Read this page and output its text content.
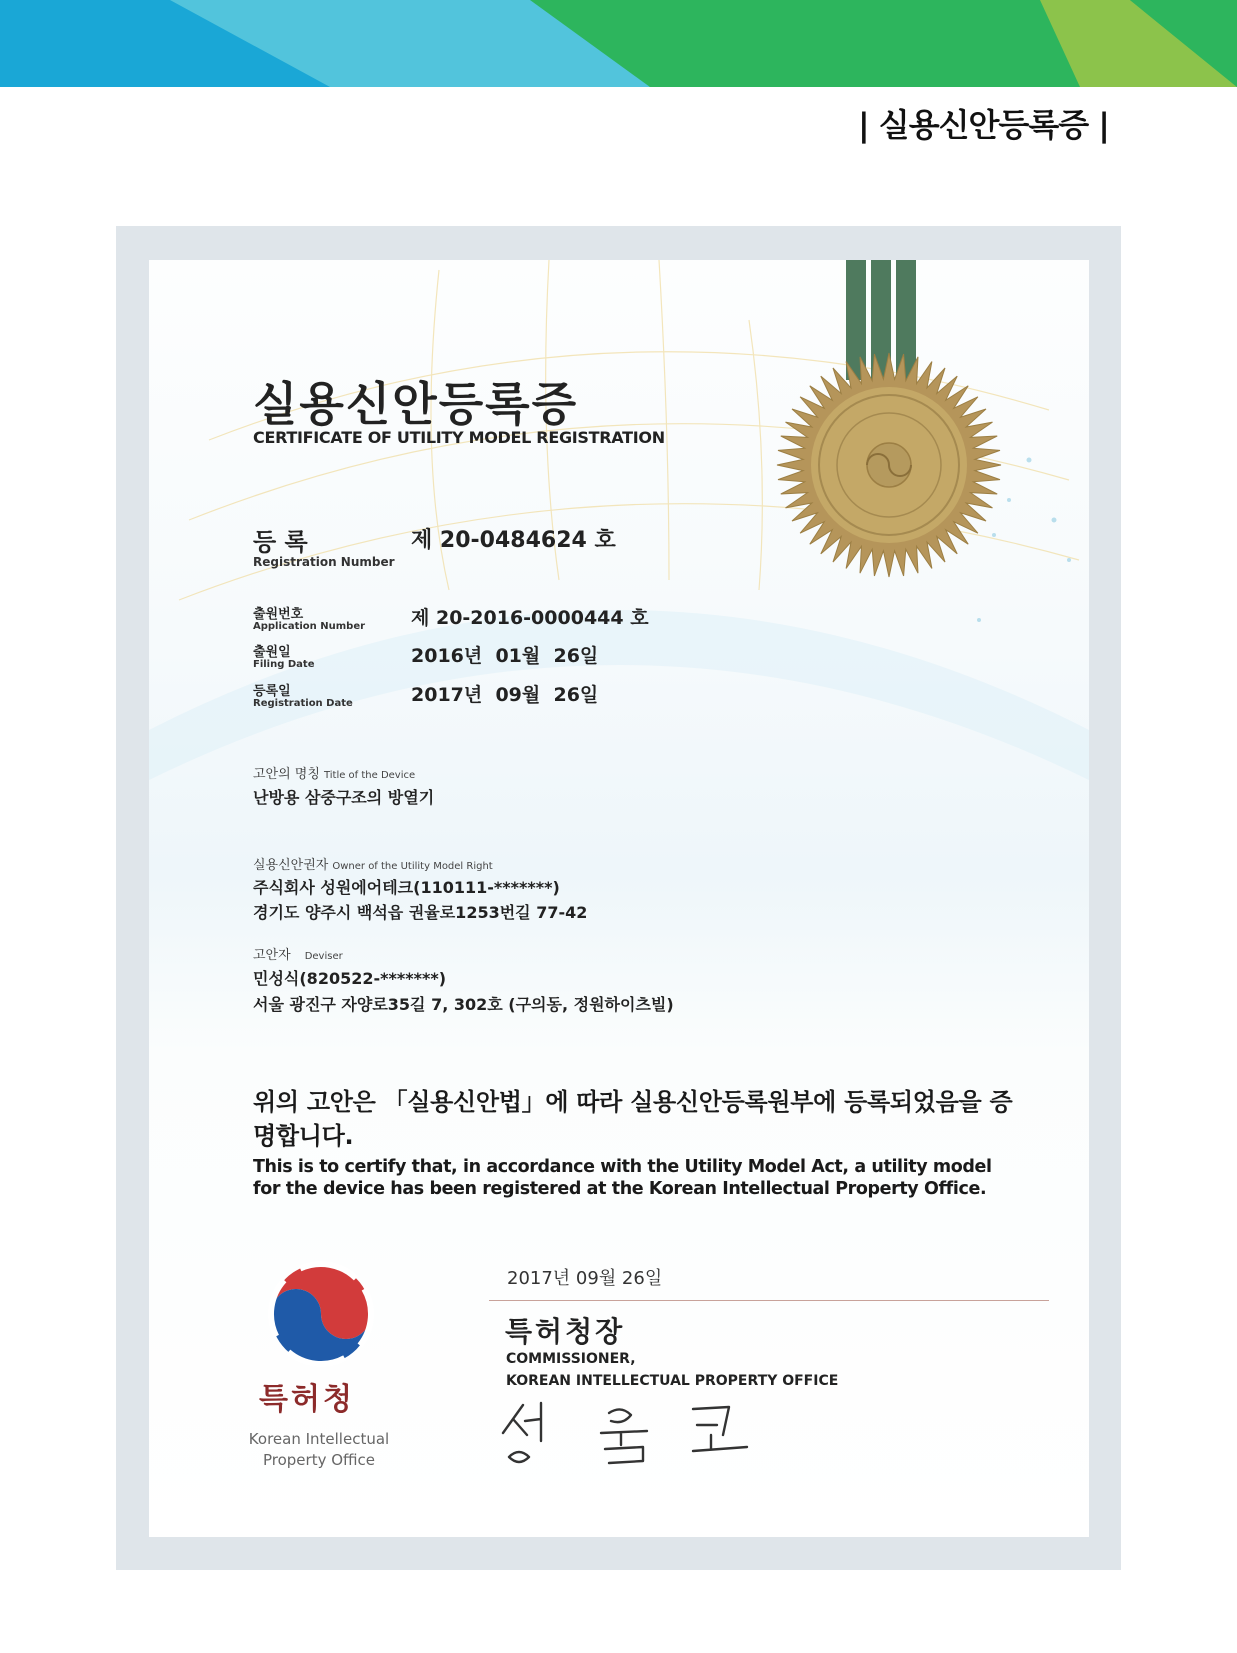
| 실용신안등록증 |
실용신안등록증
CERTIFICATE OF UTILITY MODEL REGISTRATION
등 록
Registration Number
제 20-0484624 호
출원번호
Application Number 제 20-2016-0000444 호
출원일
Filing Date	2016년  01월  26일
등록일
Registration Date	2017년  09월  26일
고안의 명칭 Title of the Device
난방용 삼중구조의 방열기
실용신안권자 Owner of the Utility Model Right
주식회사 성원에어테크(110111-*******)
경기도 양주시 백석읍 권율로1253번길 77-42
고안자 Deviser
민성식(820522-*******)
서울 광진구 자양로35길 7, 302호 (구의동, 정원하이츠빌)
위의 고안은 「실용신안법」에 따라 실용신안등록원부에 등록되었음을 증명합니다.
This is to certify that, in accordance with the Utility Model Act, a utility model for the device has been registered at the Korean Intellectual Property Office.
특허청
Korean Intellectual
Property Office
2017년 09월 26일
특허청장
COMMISSIONER,
KOREAN INTELLECTUAL PROPERTY OFFICE
